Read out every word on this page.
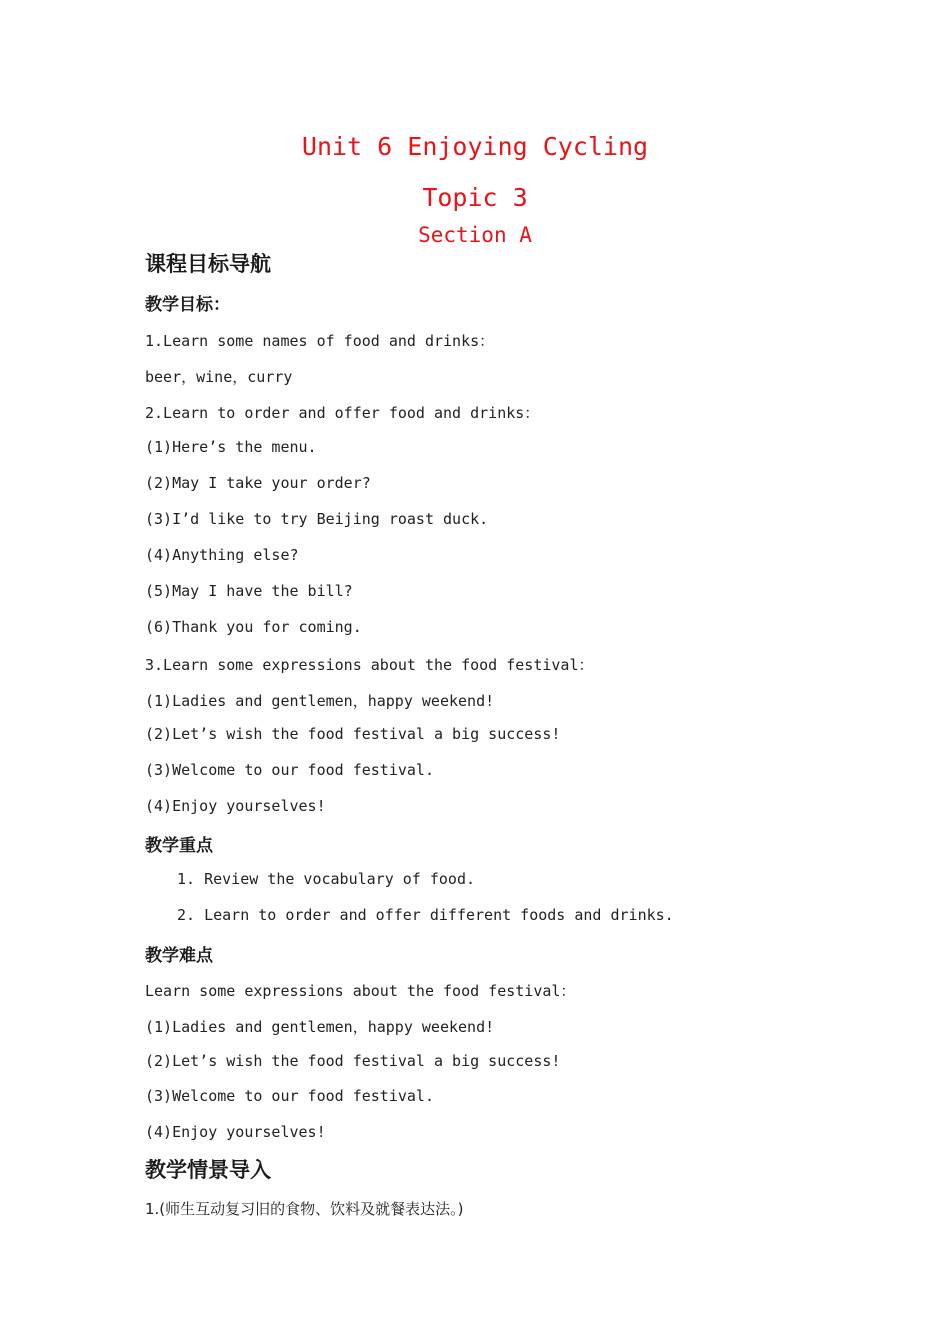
Unit 6 Enjoying Cycling
Topic 3
Section A
课程目标导航
教学目标：
1.Learn some names of food and drinks：
beer，wine，curry
2.Learn to order and offer food and drinks：
(1)Here’s the menu.
(2)May I take your order?
(3)I’d like to try Beijing roast duck.
(4)Anything else?
(5)May I have the bill?
(6)Thank you for coming.
3.Learn some expressions about the food festival：
(1)Ladies and gentlemen，happy weekend!
(2)Let’s wish the food festival a big success!
(3)Welcome to our food festival.
(4)Enjoy yourselves!
教学重点
1. Review the vocabulary of food.
2. Learn to order and offer different foods and drinks.
教学难点
Learn some expressions about the food festival：
(1)Ladies and gentlemen，happy weekend!
(2)Let’s wish the food festival a big success!
(3)Welcome to our food festival.
(4)Enjoy yourselves!
教学情景导入
1.(师生互动复习旧的食物、饮料及就餐表达法。)
